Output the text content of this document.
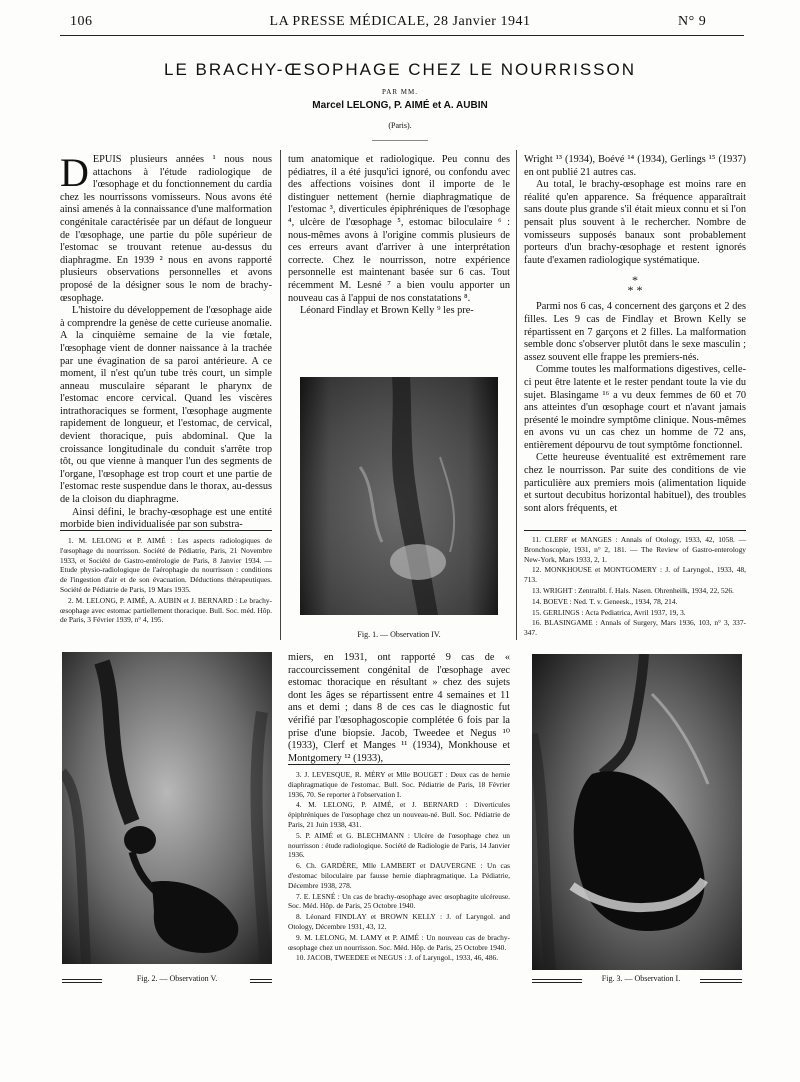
106	LA PRESSE MÉDICALE, 28 Janvier 1941	N° 9
LE BRACHY-ŒSOPHAGE CHEZ LE NOURRISSON
PAR MM.
Marcel LELONG, P. AIMÉ et A. AUBIN
(Paris).
D EPUIS plusieurs années ¹ nous nous attachons à l'étude radiologique de l'œsophage et du fonctionnement du cardia chez les nourrissons vomisseurs. Nous avons été ainsi amenés à la connaissance d'une malformation congénitale caractérisée par un défaut de longueur de l'œsophage, une partie du pôle supérieur de l'estomac se trouvant retenue au-dessus du diaphragme. En 1939 ² nous en avons rapporté plusieurs observations personnelles et avons proposé de la désigner sous le nom de brachy-œsophage.

L'histoire du développement de l'œsophage aide à comprendre la genèse de cette curieuse anomalie. A la cinquième semaine de la vie fœtale, l'œsophage vient de donner naissance à la trachée par une évagination de sa paroi antérieure. A ce moment, il n'est qu'un tube très court, un simple anneau musculaire séparant le pharynx de l'estomac encore cervical. Quand les viscères intrathoraciques se forment, l'œsophage augmente rapidement de longueur, et l'estomac, de cervical, devient thoracique, puis abdominal. Que la croissance longitudinale du conduit s'arrête trop tôt, ou que vienne à manquer l'un des segments de l'organe, l'œsophage est trop court et une partie de l'estomac reste suspendue dans le thorax, au-dessus de la cloison du diaphragme.

Ainsi défini, le brachy-œsophage est une entité morbide bien individualisée par son substra-

1. M. LELONG et P. AIMÉ : Les aspects radiologiques de l'œsophage du nourrisson. Société de Pédiatrie, Paris, 21 Novembre 1933, et Société de Gastro-entérologie de Paris, 8 Janvier 1934. — Etude physio-radiologique de l'aérophagie du nourrisson : conditions de l'ingestion d'air et de son évacuation. Déductions thérapeutiques. Société de Pédiatrie de Paris, 19 Mars 1935.

2. M. LELONG, P. AIMÉ, A. AUBIN et J. BERNARD : Le brachy-œsophage avec estomac partiellement thoracique. Bull. Soc. méd. Hôp. de Paris, 3 Février 1939, n° 4, 195.

tum anatomique et radiologique. Peu connu des pédiatres, il a été jusqu'ici ignoré, ou confondu avec des affections voisines dont il importe de le distinguer nettement (hernie diaphragmatique de l'estomac ³, diverticules épiphréniques de l'œsophage ⁴, ulcère de l'œsophage ⁵, estomac biloculaire ⁶ : nous-mêmes avons à l'origine commis plusieurs de ces erreurs avant d'arriver à une interprétation correcte. Chez le nourrisson, notre expérience personnelle est maintenant basée sur 6 cas. Tout récemment M. Lesné ⁷ a bien voulu apporter un nouveau cas à l'appui de nos constatations ⁸.

Léonard Findlay et Brown Kelly ⁹ les pre-

Fig. 1. — Observation IV.

Wright ¹³ (1934), Boévé ¹⁴ (1934), Gerlings ¹⁵ (1937) en ont publié 21 autres cas.

Au total, le brachy-œsophage est moins rare en réalité qu'en apparence. Sa fréquence apparaîtrait sans doute plus grande s'il était mieux connu et si l'on pensait plus souvent à le rechercher. Nombre de vomisseurs supposés banaux sont probablement porteurs d'un brachy-œsophage et restent ignorés faute d'examen radiologique systématique.

*
* *

Parmi nos 6 cas, 4 concernent des garçons et 2 des filles. Les 9 cas de Findlay et Brown Kelly se répartissent en 7 garçons et 2 filles. La malformation semble donc s'observer plutôt dans le sexe masculin ; assez souvent elle frappe les premiers-nés.

Comme toutes les malformations digestives, celle-ci peut être latente et le rester pendant toute la vie du sujet. Blasingame ¹⁶ a vu deux femmes de 60 et 70 ans atteintes d'un œsophage court et n'avant jamais présenté le moindre symptôme clinique. Nous-mêmes en avons vu un cas chez un homme de 72 ans, entièrement dépourvu de tout symptôme fonctionnel.

Cette heureuse éventualité est extrêmement rare chez le nourrisson. Par suite des conditions de vie particulière aux premiers mois (alimentation liquide et surtout decubitus horizontal habituel), des troubles sont alors fréquents, et

11. CLERF et MANGES : Annals of Otology, 1933, 42, 1058. — Bronchoscopie, 1931, n° 2, 181. — The Review of Gastro-enterology New-York, Mars 1933, 2, 1.

12. MONKHOUSE et MONTGOMERY : J. of Laryngol., 1933, 48, 713.

13. WRIGHT : Zentralbl. f. Hals. Nasen. Ohrenheilk, 1934, 22, 526.

14. BOEVE : Ned. T. v. Geneesk., 1934, 78, 214.

15. GERLINGS : Acta Pediatrica, Avril 1937, 19, 3.

16. BLASINGAME : Annals of Surgery, Mars 1936, 103, n° 3, 337-347.

Fig. 2. — Observation V.

miers, en 1931, ont rapporté 9 cas de « raccourcissement congénital de l'œsophage avec estomac thoracique en résultant » chez des sujets dont les âges se répartissent entre 4 semaines et 11 ans et demi ; dans 8 de ces cas le diagnostic fut vérifié par l'œsophagoscopie complétée 6 fois par la prise d'une biopsie. Jacob, Tweedee et Negus ¹⁰ (1933), Clerf et Manges ¹¹ (1934), Monkhouse et Montgomery ¹² (1933),

3. J. LEVESQUE, R. MÉRY et Mlle BOUGET : Deux cas de hernie diaphragmatique de l'estomac. Bull. Soc. Pédiatrie de Paris, 18 Février 1936, 70. Se reporter à l'observation I.

4. M. LELONG, P. AIMÉ, et J. BERNARD : Diverticules épiphréniques de l'œsophage chez un nouveau-né. Bull. Soc. Pédiatrie de Paris, 21 Juin 1938, 431.

5. P. AIMÉ et G. BLECHMANN : Ulcère de l'œsophage chez un nourrisson : étude radiologique. Société de Radiologie de Paris, 14 Janvier 1936.

6. Ch. GARDÈRE, Mlle LAMBERT et DAUVERGNE : Un cas d'estomac biloculaire par fausse hernie diaphragmatique. La Pédiatrie, Décembre 1938, 278.

7. E. LESNÉ : Un cas de brachy-œsophage avec œsophagite ulcéreuse. Soc. Méd. Hôp. de Paris, 25 Octobre 1940.

8. Léonard FINDLAY et BROWN KELLY : J. of Laryngol. and Otology, Décembre 1931, 43, 12.

9. M. LELONG, M. LAMY et P. AIMÉ : Un nouveau cas de brachy-œsophage chez un nourrisson. Soc. Méd. Hôp. de Paris, 25 Octobre 1940.

10. JACOB, TWEEDEE et NEGUS : J. of Laryngol., 1933, 46, 486.

Fig. 3. — Observation I.
